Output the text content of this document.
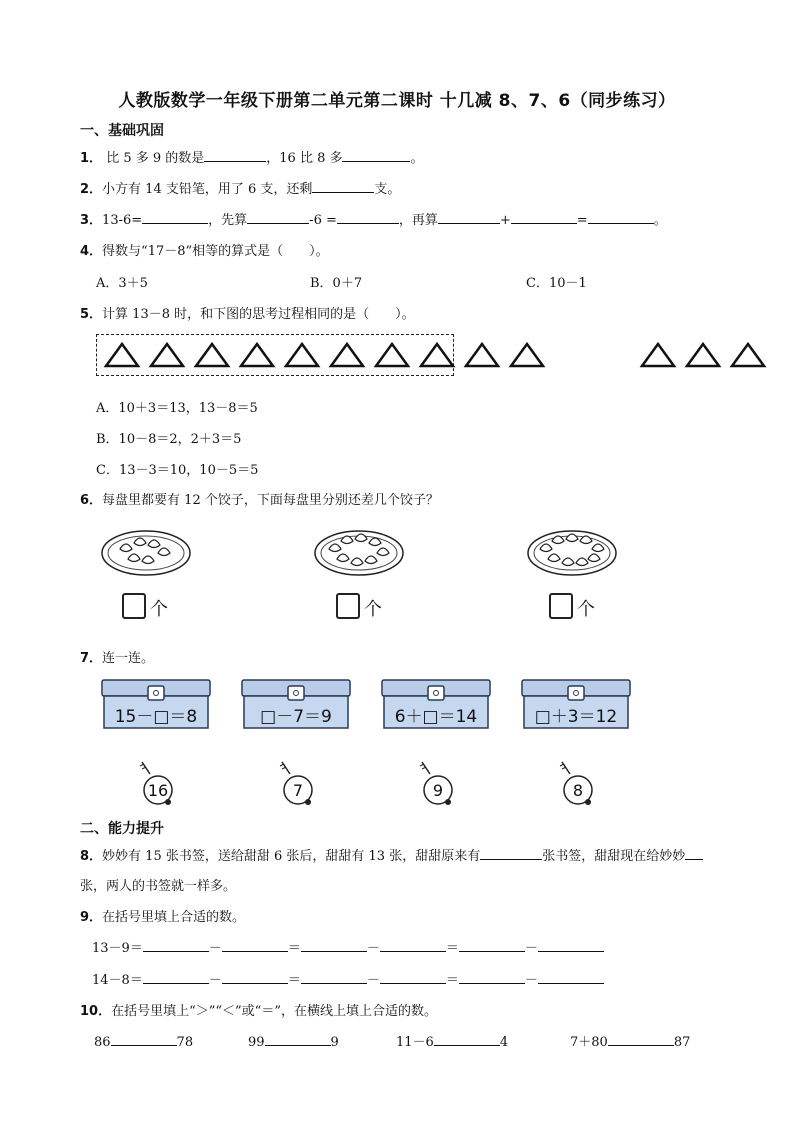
人教版数学一年级下册第二单元第二课时 十几减 8、7、6（同步练习）
一、基础巩固
1． 比 5 多 9 的数是	，16 比 8 多	。
2．小方有 14 支铅笔，用了 6 支，还剩	支。
3．13-6=	，先算	-6 =	，再算	+	=	。
4．得数与“17－8”相等的算式是（　　）。
A．3＋5	B．0＋7	C．10－1
5．计算 13－8 时，和下图的思考过程相同的是（　　）。
A．10＋3＝13，13－8＝5
B．10－8＝2，2＋3＝5
C．13－3＝10，10－5＝5
6．每盘里都要有 12 个饺子，下面每盘里分别还差几个饺子？
个	个	个
7．连一连。
15－□＝8	□－7＝9	6＋□＝14	□＋3＝12
16	7	9	8
二、能力提升
8．妙妙有 15 张书签，送给甜甜 6 张后，甜甜有 13 张，甜甜原来有	张书签，甜甜现在给妙妙
张，两人的书签就一样多。
9．在括号里填上合适的数。
13－9＝	－	＝	－	＝	－
14－8＝	－	＝	－	＝	－
10．在括号里填上“＞”“＜”或“＝”，在横线上填上合适的数。
86	78	99	9	11－6	4	7＋80	87
